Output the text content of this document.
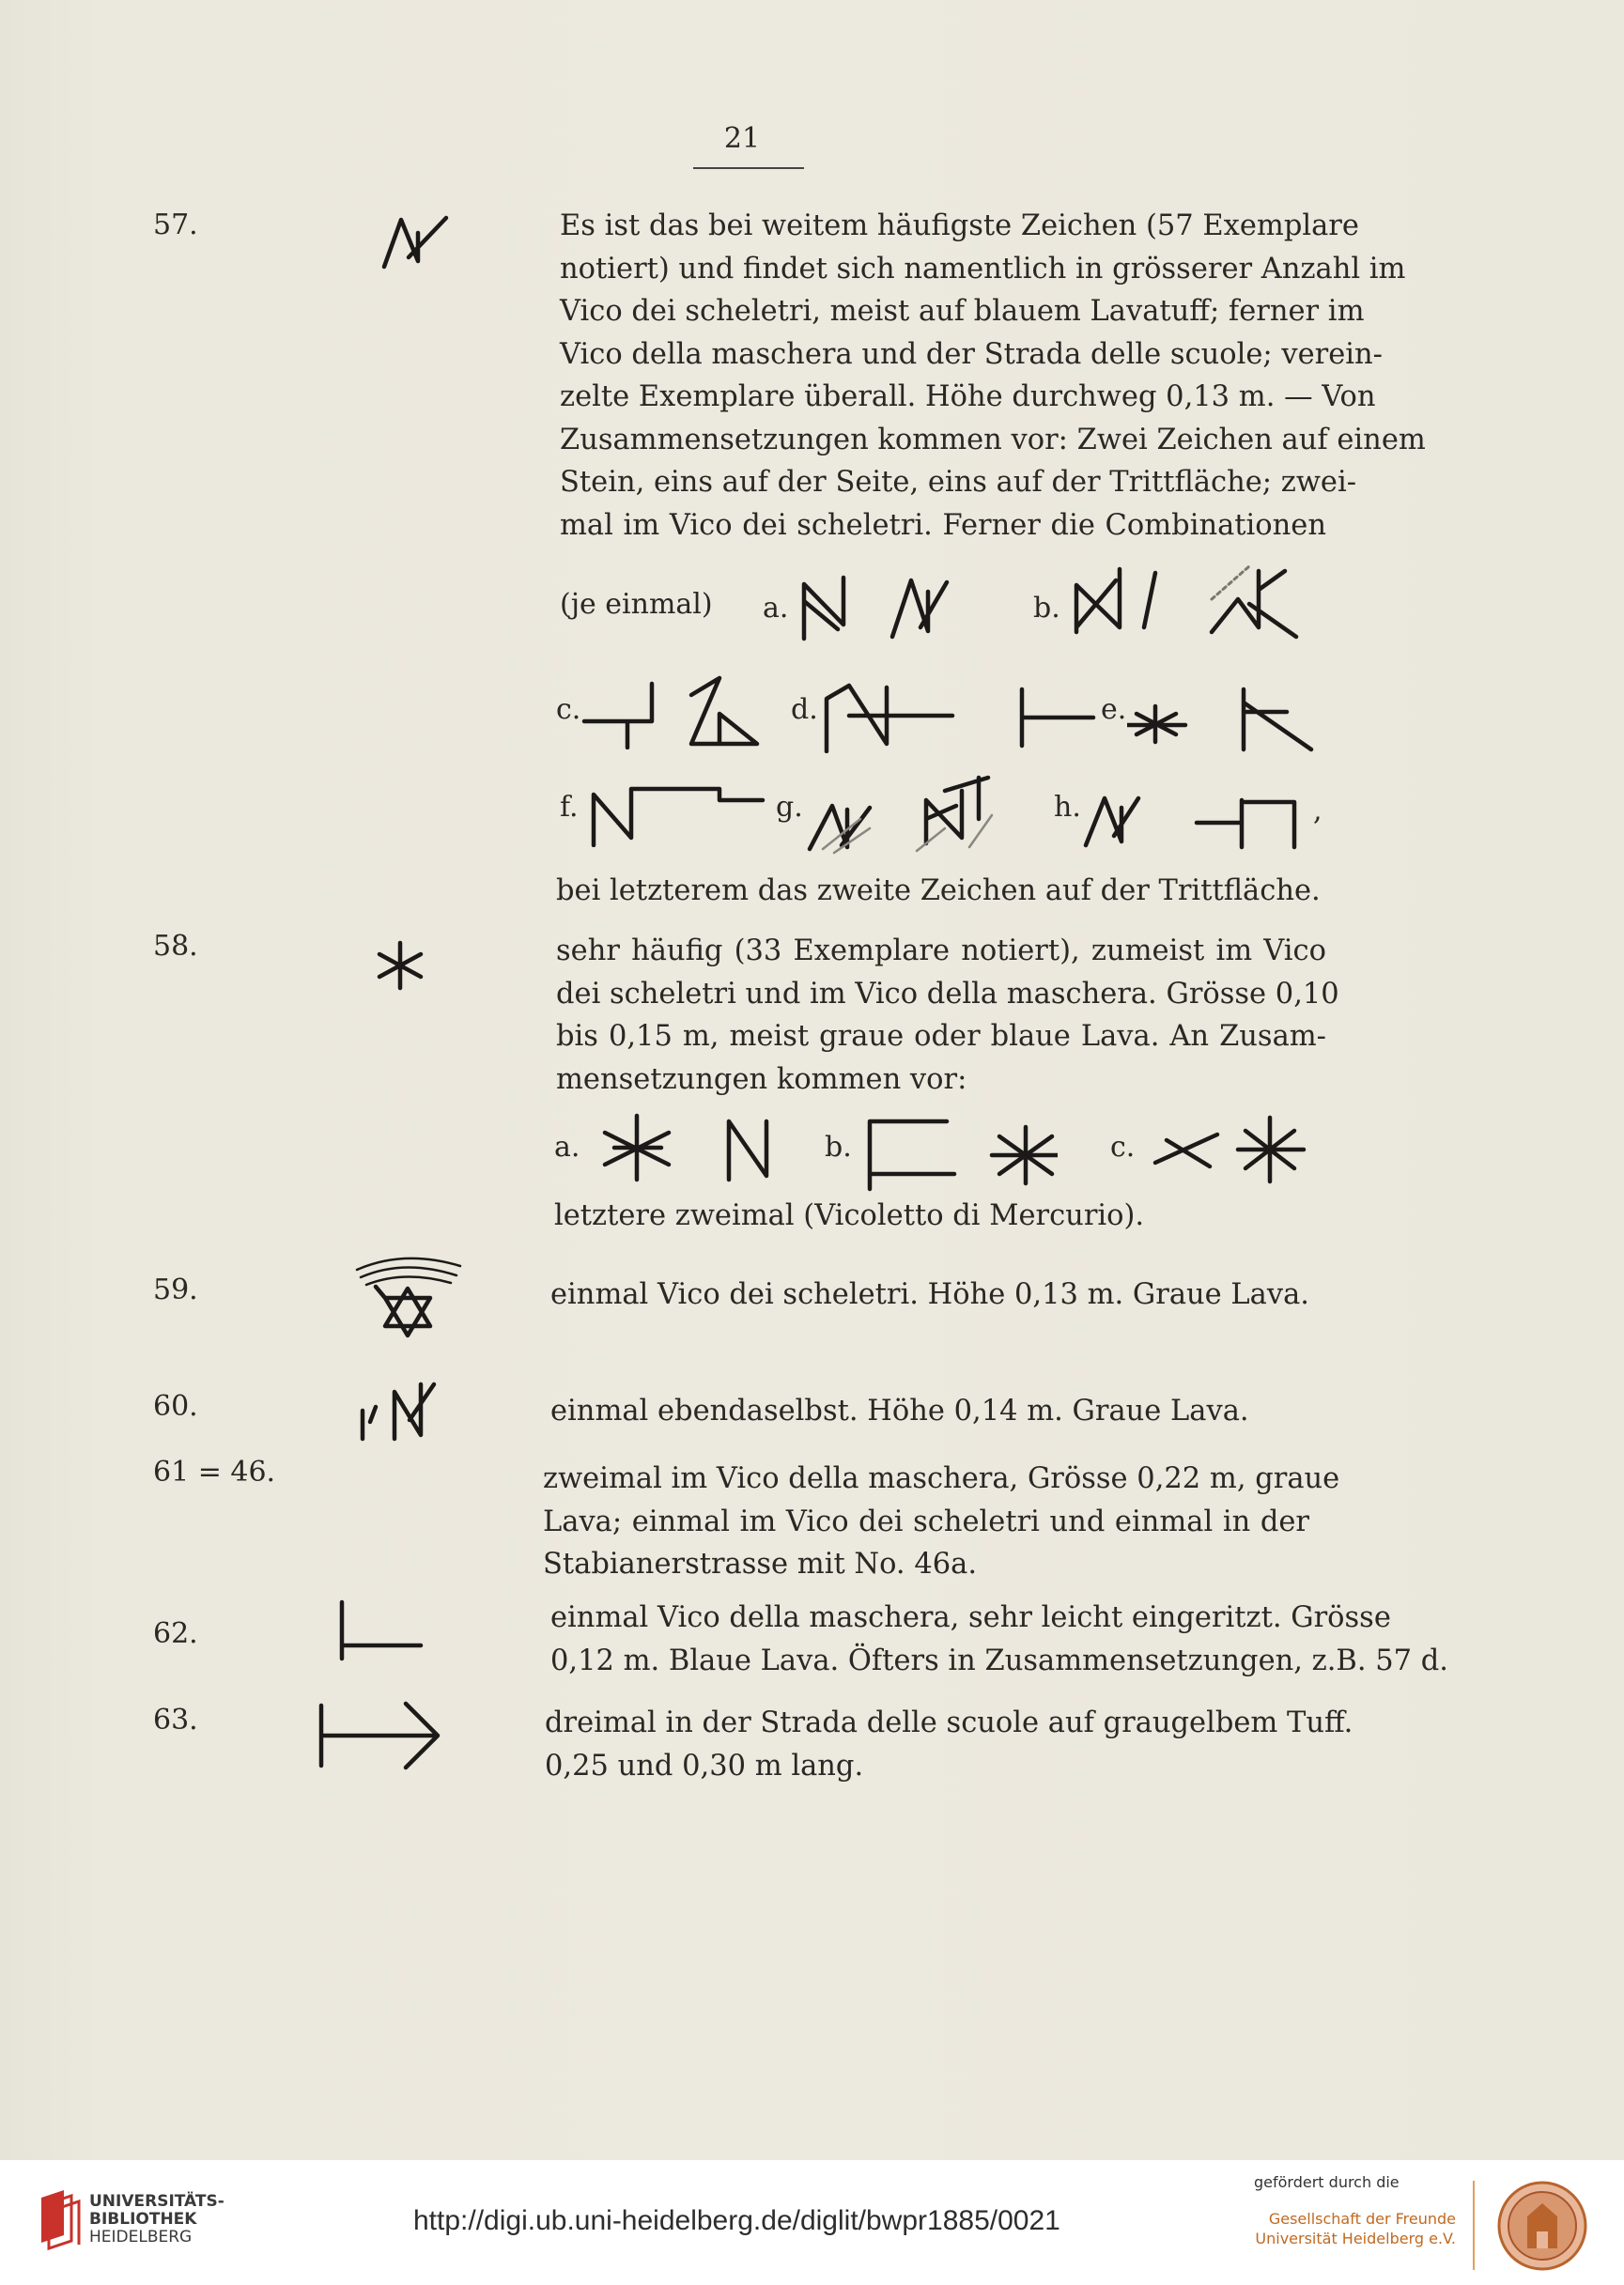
21
57.	Es ist das bei weitem häufigste Zeichen (57 Exemplare
notiert) und findet sich namentlich in grösserer Anzahl im
Vico dei scheletri, meist auf blauem Lavatuff; ferner im
Vico della maschera und der Strada delle scuole; verein-
zelte Exemplare überall. Höhe durchweg 0,13 m. — Von
Zusammensetzungen kommen vor: Zwei Zeichen auf einem
Stein, eins auf der Seite, eins auf der Trittfläche; zwei-
mal im Vico dei scheletri. Ferner die Combinationen
(je einmal) a.	b.
c.	d.	e.
f.	g.	h.	,
bei letzterem das zweite Zeichen auf der Trittfläche.
58.	sehr häufig (33 Exemplare notiert), zumeist im Vico
dei scheletri und im Vico della maschera. Grösse 0,10
bis 0,15 m, meist graue oder blaue Lava. An Zusam-
mensetzungen kommen vor:
a.	b.	c.
letztere zweimal (Vicoletto di Mercurio).
59.	einmal Vico dei scheletri. Höhe 0,13 m. Graue Lava.
60.	einmal ebendaselbst. Höhe 0,14 m. Graue Lava.
61 = 46.	zweimal im Vico della maschera, Grösse 0,22 m, graue
Lava; einmal im Vico dei scheletri und einmal in der
Stabianerstrasse mit No. 46a.
62.	einmal Vico della maschera, sehr leicht eingeritzt. Grösse
0,12 m. Blaue Lava. Öfters in Zusammensetzungen, z.B. 57 d.
63.	dreimal in der Strada delle scuole auf graugelbem Tuff.
0,25 und 0,30 m lang.
UNIVERSITÄTS-
BIBLIOTHEK
HEIDELBERG
http://digi.ub.uni-heidelberg.de/diglit/bwpr1885/0021
gefördert durch die
Gesellschaft der Freunde
Universität Heidelberg e.V.
